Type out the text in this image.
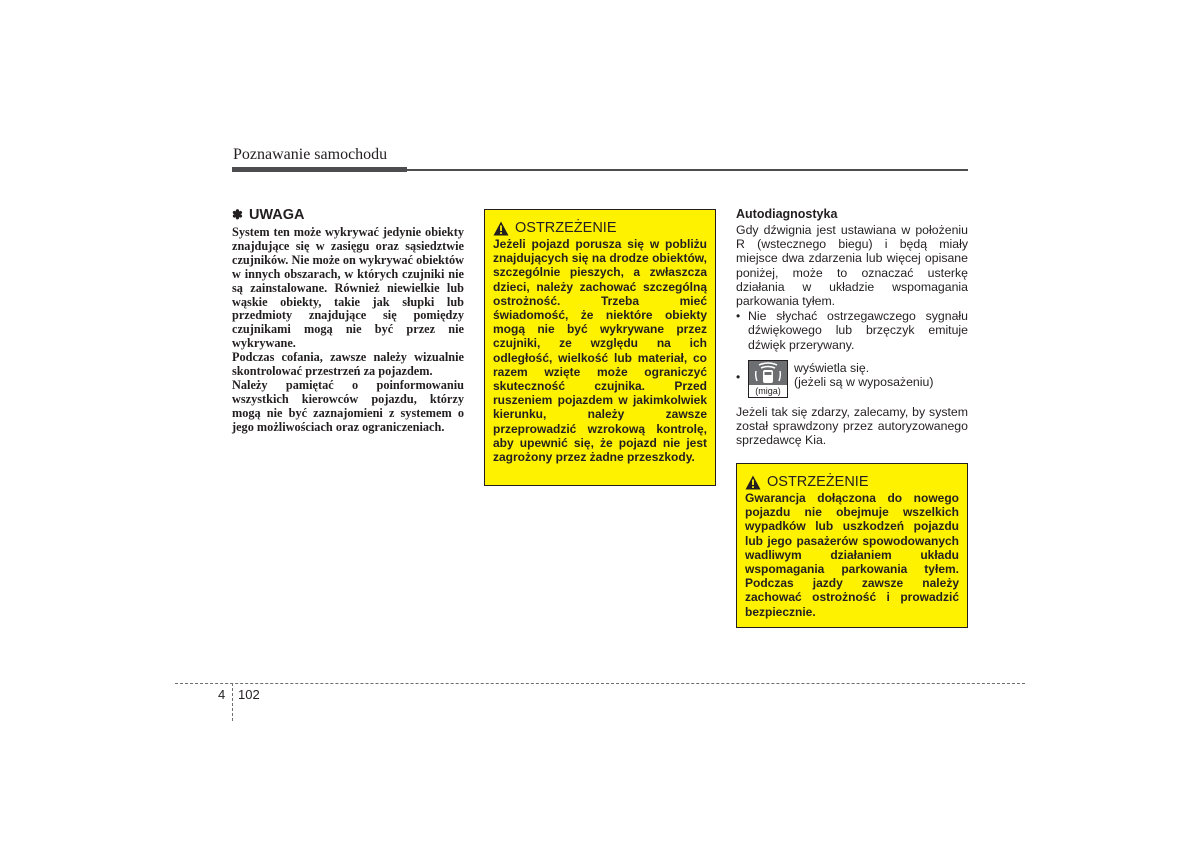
Poznawanie samochodu
✽ UWAGA

System ten może wykrywać jedynie obiekty znajdujące się w zasięgu oraz sąsiedztwie czujników. Nie może on wykrywać obiektów w innych obszarach, w których czujniki nie są zainstalowane. Również niewielkie lub wąskie obiekty, takie jak słupki lub przedmioty znajdujące się pomiędzy czujnikami mogą nie być przez nie wykrywane.

Podczas cofania, zawsze należy wizualnie skontrolować przestrzeń za pojazdem.

Należy pamiętać o poinformowaniu wszystkich kierowców pojazdu, którzy mogą nie być zaznajomieni z systemem o jego możliwościach oraz ograniczeniach.

OSTRZEŻENIE

Jeżeli pojazd porusza się w pobliżu znajdujących się na drodze obiektów, szczególnie pieszych, a zwłaszcza dzieci, należy zachować szczególną ostrożność. Trzeba mieć świadomość, że niektóre obiekty mogą nie być wykrywane przez czujniki, ze względu na ich odległość, wielkość lub materiał, co razem wzięte może ograniczyć skuteczność czujnika. Przed ruszeniem pojazdem w jakimkolwiek kierunku, należy zawsze przeprowadzić wzrokową kontrolę, aby upewnić się, że pojazd nie jest zagrożony przez żadne przeszkody.

Autodiagnostyka

Gdy dźwignia jest ustawiana w położeniu R (wstecznego biegu) i będą miały miejsce dwa zdarzenia lub więcej opisane poniżej, może to oznaczać usterkę działania w układzie wspomagania parkowania tyłem.

• Nie słychać ostrzegawczego sygnału dźwiękowego lub brzęczyk emituje dźwięk przerywany.
•
(miga)
wyświetla się.
(jeżeli są w wyposażeniu)

Jeżeli tak się zdarzy, zalecamy, by system został sprawdzony przez autoryzowanego sprzedawcę Kia.

OSTRZEŻENIE

Gwarancja dołączona do nowego pojazdu nie obejmuje wszelkich wypadków lub uszkodzeń pojazdu lub jego pasażerów spowodowanych wadliwym działaniem układu wspomagania parkowania tyłem. Podczas jazdy zawsze należy zachować ostrożność i prowadzić bezpiecznie.

4 102
